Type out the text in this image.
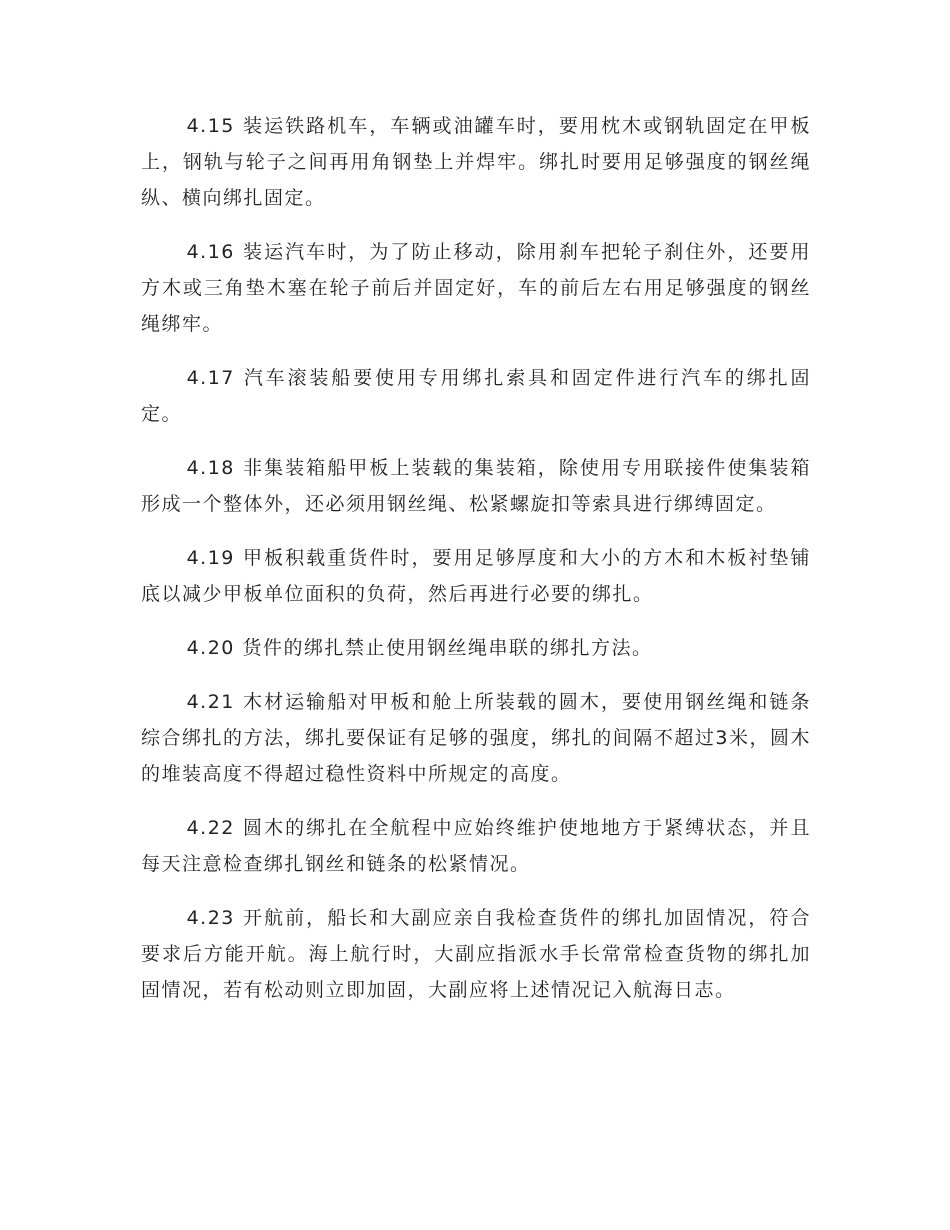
4.15 装运铁路机车，车辆或油罐车时，要用枕木或钢轨固定在甲板上，钢轨与轮子之间再用角钢垫上并焊牢。绑扎时要用足够强度的钢丝绳纵、横向绑扎固定。

4.16 装运汽车时，为了防止移动，除用刹车把轮子刹住外，还要用方木或三角垫木塞在轮子前后并固定好，车的前后左右用足够强度的钢丝绳绑牢。

4.17 汽车滚装船要使用专用绑扎索具和固定件进行汽车的绑扎固定。

4.18 非集装箱船甲板上装载的集装箱，除使用专用联接件使集装箱形成一个整体外，还必须用钢丝绳、松紧螺旋扣等索具进行绑缚固定。

4.19 甲板积载重货件时，要用足够厚度和大小的方木和木板衬垫铺底以减少甲板单位面积的负荷，然后再进行必要的绑扎。

4.20 货件的绑扎禁止使用钢丝绳串联的绑扎方法。

4.21 木材运输船对甲板和舱上所装载的圆木，要使用钢丝绳和链条综合绑扎的方法，绑扎要保证有足够的强度，绑扎的间隔不超过3米，圆木的堆装高度不得超过稳性资料中所规定的高度。

4.22 圆木的绑扎在全航程中应始终维护使地地方于紧缚状态，并且每天注意检查绑扎钢丝和链条的松紧情况。

4.23 开航前，船长和大副应亲自我检查货件的绑扎加固情况，符合要求后方能开航。海上航行时，大副应指派水手长常常检查货物的绑扎加固情况，若有松动则立即加固，大副应将上述情况记入航海日志。
